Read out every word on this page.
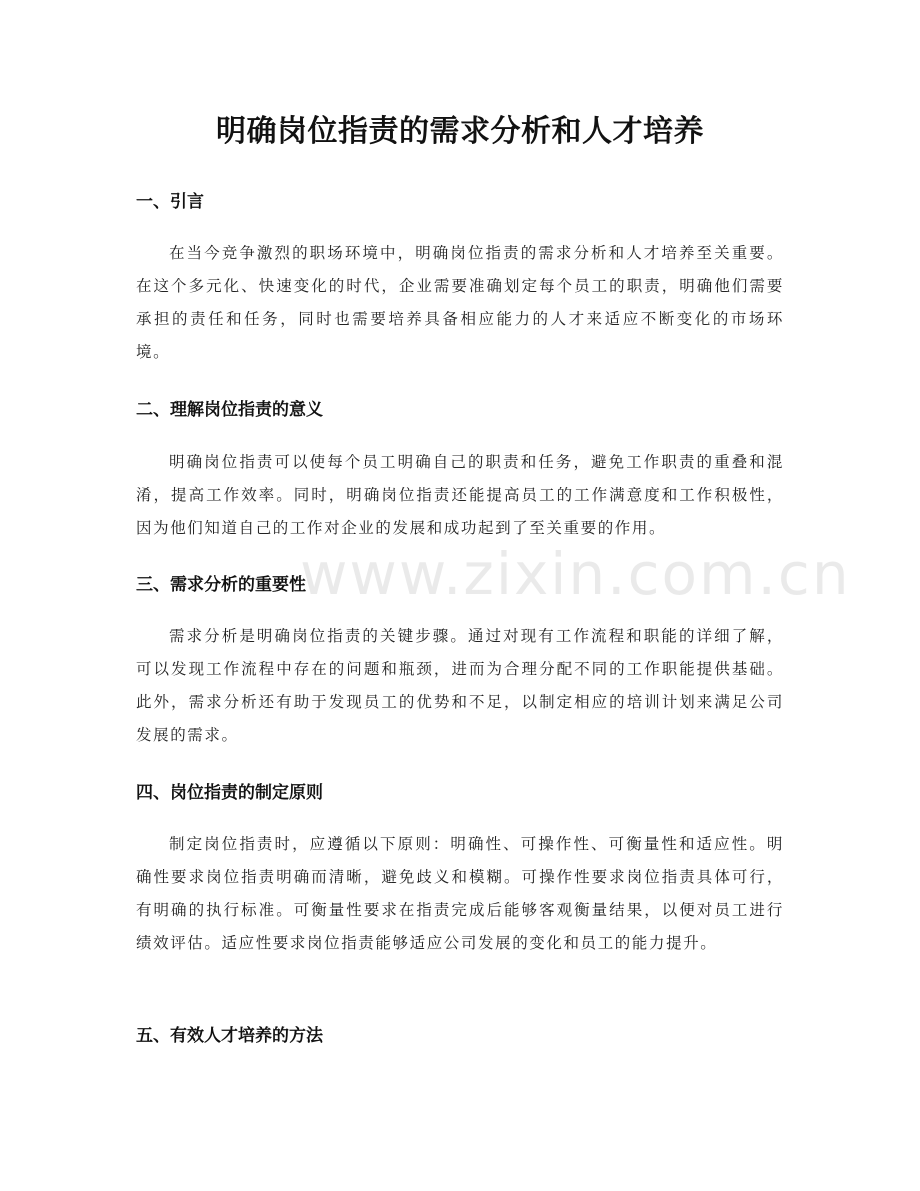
www.zixin.com.cn
明确岗位指责的需求分析和人才培养
一、引言
在当今竞争激烈的职场环境中，明确岗位指责的需求分析和人才培养至关重要。在这个多元化、快速变化的时代，企业需要准确划定每个员工的职责，明确他们需要承担的责任和任务，同时也需要培养具备相应能力的人才来适应不断变化的市场环境。
二、理解岗位指责的意义
明确岗位指责可以使每个员工明确自己的职责和任务，避免工作职责的重叠和混淆，提高工作效率。同时，明确岗位指责还能提高员工的工作满意度和工作积极性，因为他们知道自己的工作对企业的发展和成功起到了至关重要的作用。
三、需求分析的重要性
需求分析是明确岗位指责的关键步骤。通过对现有工作流程和职能的详细了解，可以发现工作流程中存在的问题和瓶颈，进而为合理分配不同的工作职能提供基础。此外，需求分析还有助于发现员工的优势和不足，以制定相应的培训计划来满足公司发展的需求。
四、岗位指责的制定原则
制定岗位指责时，应遵循以下原则：明确性、可操作性、可衡量性和适应性。明确性要求岗位指责明确而清晰，避免歧义和模糊。可操作性要求岗位指责具体可行，有明确的执行标准。可衡量性要求在指责完成后能够客观衡量结果，以便对员工进行绩效评估。适应性要求岗位指责能够适应公司发展的变化和员工的能力提升。
五、有效人才培养的方法
